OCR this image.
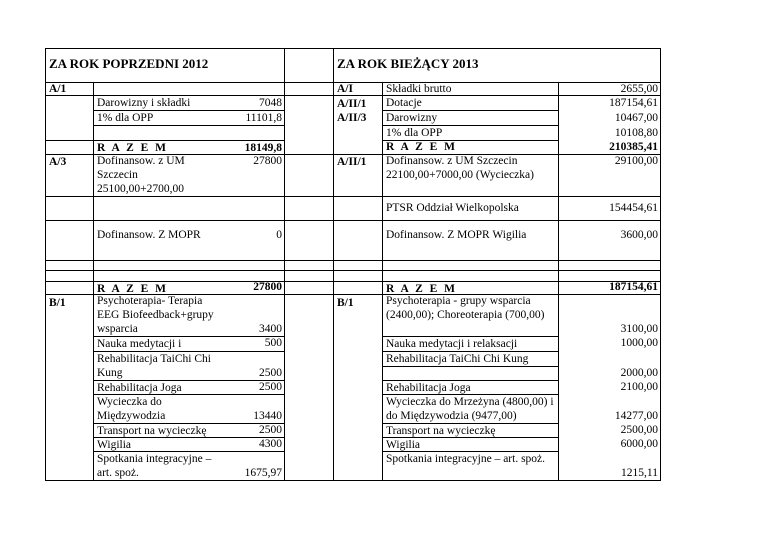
ZA ROK POPRZEDNI 2012	ZA ROK BIEŻĄCY 2013
A/1
A/3
B/1
Darowizny i składki
1% dla OPP
R A Z E M
Dofinansow. z UM
Szczecin
25100,00+2700,00
Dofinansow. Z MOPR
R A Z E M
Psychoterapia- Terapia
EEG Biofeedback+grupy
wsparcia
Nauka medytacji i
Rehabilitacja TaiChi Chi
Kung
Rehabilitacja Joga
Wycieczka do
Międzywodzia
Transport na wycieczkę
Wigilia
Spotkania integracyjne –
art. spoż.
7048
11101,8
18149,8
27800
0
27800
3400
500
2500
2500
13440
2500
4300
1675,97
A/I
A/II/1
A/II/3
A/II/1
B/1
Składki brutto
Dotacje
Darowizny
1% dla OPP
R A Z E M
Dofinansow. z UM Szczecin
22100,00+7000,00 (Wycieczka)
PTSR Oddział Wielkopolska
Dofinansow. Z MOPR Wigilia
R A Z E M
Psychoterapia - grupy wsparcia
(2400,00); Choreoterapia (700,00)
Nauka medytacji i relaksacji
Rehabilitacja TaiChi Chi Kung
Rehabilitacja Joga
Wycieczka do Mrzeżyna (4800,00) i
do Międzywodzia (9477,00)
Transport na wycieczkę
Wigilia
Spotkania integracyjne – art. spoż.
2655,00
187154,61
10467,00
10108,80
210385,41
29100,00
154454,61
3600,00
187154,61
3100,00
1000,00
2000,00
2100,00
14277,00
2500,00
6000,00
1215,11
